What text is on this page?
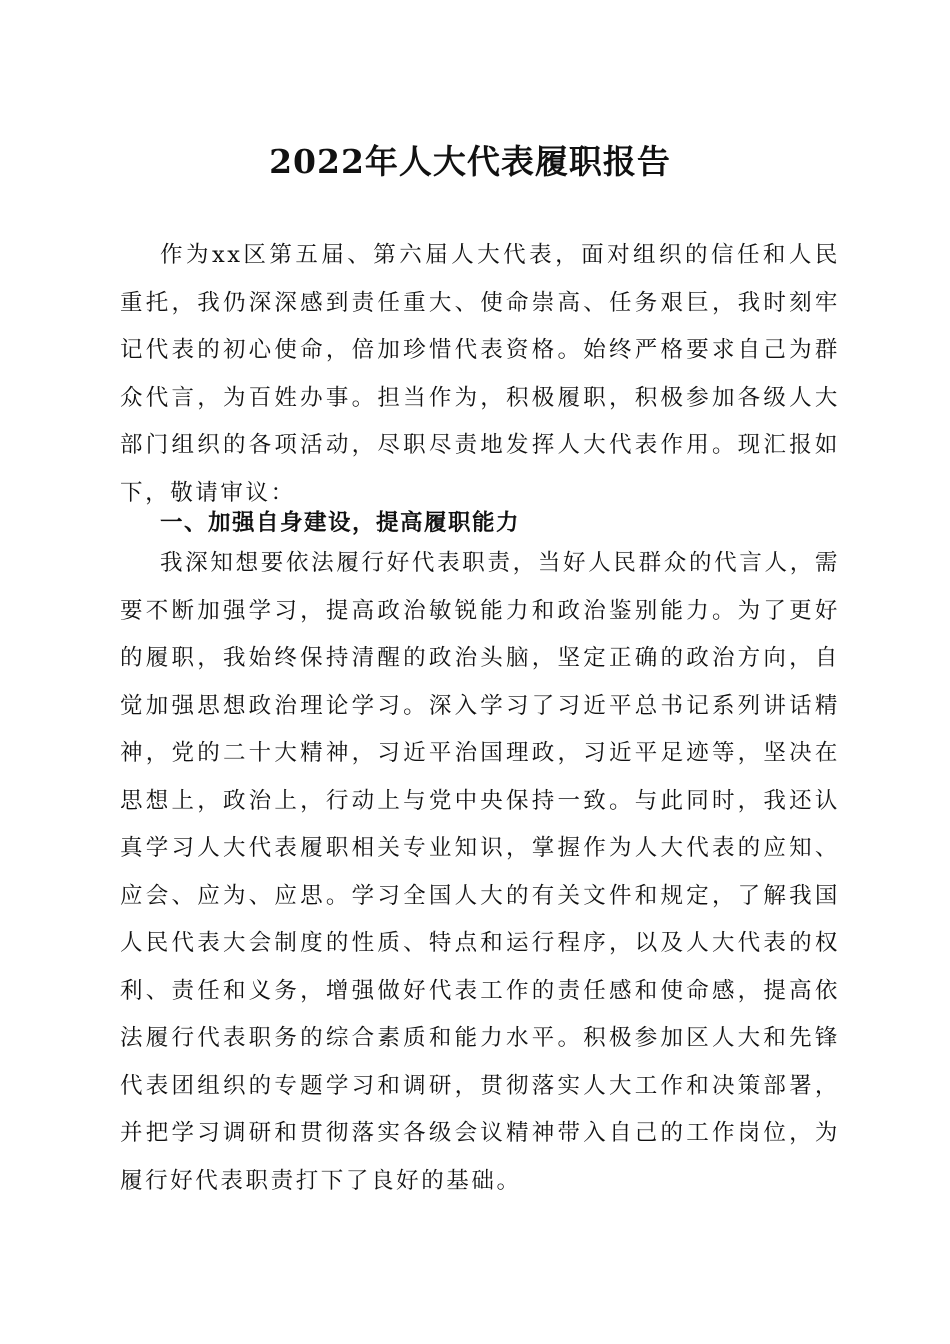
2022年人大代表履职报告

作为xx区第五届、第六届人大代表，面对组织的信任和人民重托，我仍深深感到责任重大、使命崇高、任务艰巨，我时刻牢记代表的初心使命，倍加珍惜代表资格。始终严格要求自己为群众代言，为百姓办事。担当作为，积极履职，积极参加各级人大部门组织的各项活动，尽职尽责地发挥人大代表作用。现汇报如下，敬请审议：

一、加强自身建设，提高履职能力

我深知想要依法履行好代表职责，当好人民群众的代言人，需要不断加强学习，提高政治敏锐能力和政治鉴别能力。为了更好的履职，我始终保持清醒的政治头脑，坚定正确的政治方向，自觉加强思想政治理论学习。深入学习了习近平总书记系列讲话精神，党的二十大精神，习近平治国理政，习近平足迹等，坚决在思想上，政治上，行动上与党中央保持一致。与此同时，我还认真学习人大代表履职相关专业知识，掌握作为人大代表的应知、应会、应为、应思。学习全国人大的有关文件和规定，了解我国人民代表大会制度的性质、特点和运行程序，以及人大代表的权利、责任和义务，增强做好代表工作的责任感和使命感，提高依法履行代表职务的综合素质和能力水平。积极参加区人大和先锋代表团组织的专题学习和调研，贯彻落实人大工作和决策部署，并把学习调研和贯彻落实各级会议精神带入自己的工作岗位，为履行好代表职责打下了良好的基础。
